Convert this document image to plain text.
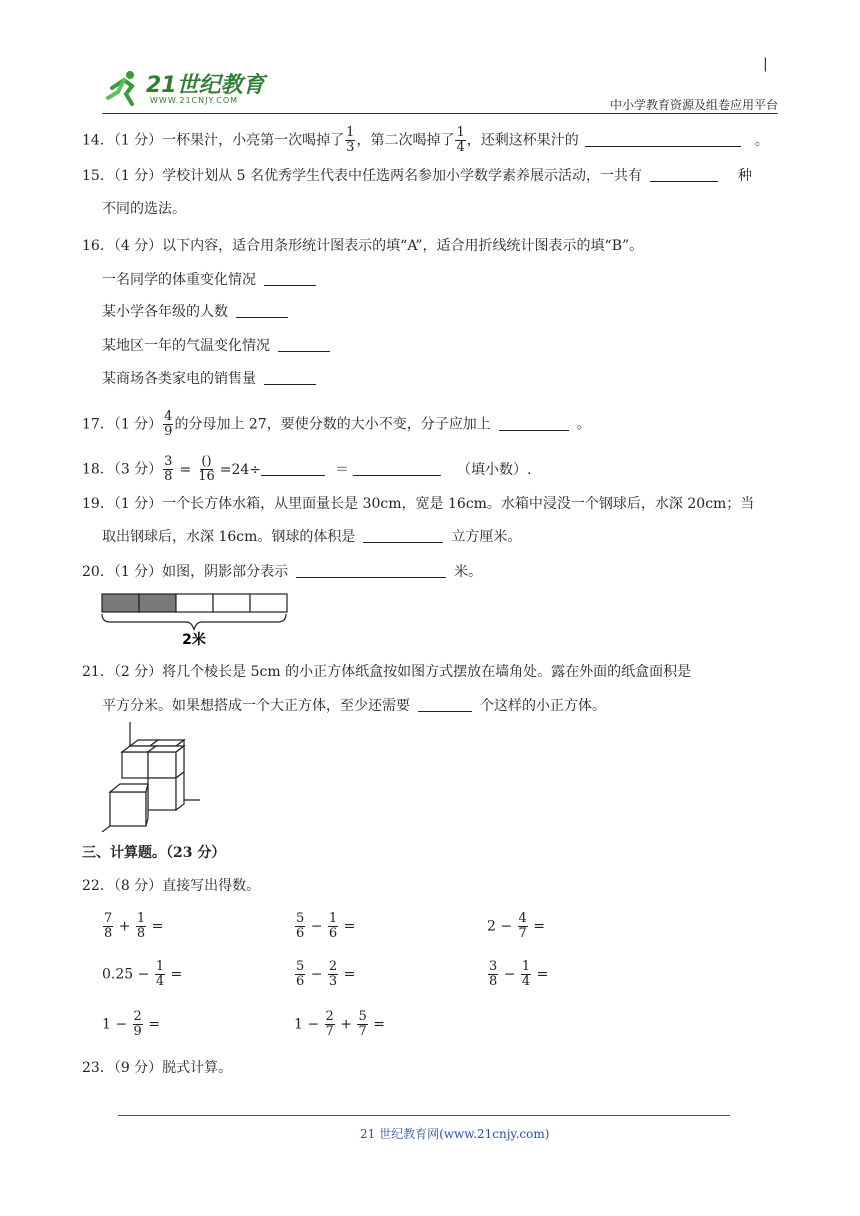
21世纪教育
WWW.21CNJY.COM
|
中小学教育资源及组卷应用平台
14．（1 分）一杯果汁，小亮第一次喝掉了 $\frac{1}{3}$ ，第二次喝掉了 $\frac{1}{4}$ ，还剩这杯果汁的	。
15．（1 分）学校计划从 5 名优秀学生代表中任选两名参加小学数学素养展示活动，一共有	种
不同的选法。
16．（4 分）以下内容，适合用条形统计图表示的填“A”，适合用折线统计图表示的填“B”。
一名同学的体重变化情况
某小学各年级的人数
某地区一年的气温变化情况
某商场各类家电的销售量
17．（1 分） $\frac{4}{9}$ 的分母加上 27，要使分数的大小不变，分子应加上	。
18．（3 分） $\frac{3}{8} = \frac{()}{16} =24\div$	＝	（填小数）.
19．（1 分）一个长方体水箱，从里面量长是 30cm，宽是 16cm。水箱中浸没一个钢球后，水深 20cm；当
取出钢球后，水深 16cm。钢球的体积是	立方厘米。
20．（1 分）如图，阴影部分表示	米。
2米
21．（2 分）将几个棱长是 5cm 的小正方体纸盒按如图方式摆放在墙角处。露在外面的纸盒面积是
平方分米。如果想搭成一个大正方体，至少还需要	个这样的小正方体。
三、计算题。（23 分）
22．（8 分）直接写出得数。
$\frac{7}{8} + \frac{1}{8}$ =	$\frac{5}{6} - \frac{1}{6}$ =	$2 - \frac{4}{7}$ =
$0.25 - \frac{1}{4}$ =	$\frac{5}{6} - \frac{2}{3}$ =	$\frac{3}{8} - \frac{1}{4}$ =
$1 - \frac{2}{9}$ =	$1 - \frac{2}{7} + \frac{5}{7}$ =
23．（9 分）脱式计算。
21 世纪教育网(www.21cnjy.com)
